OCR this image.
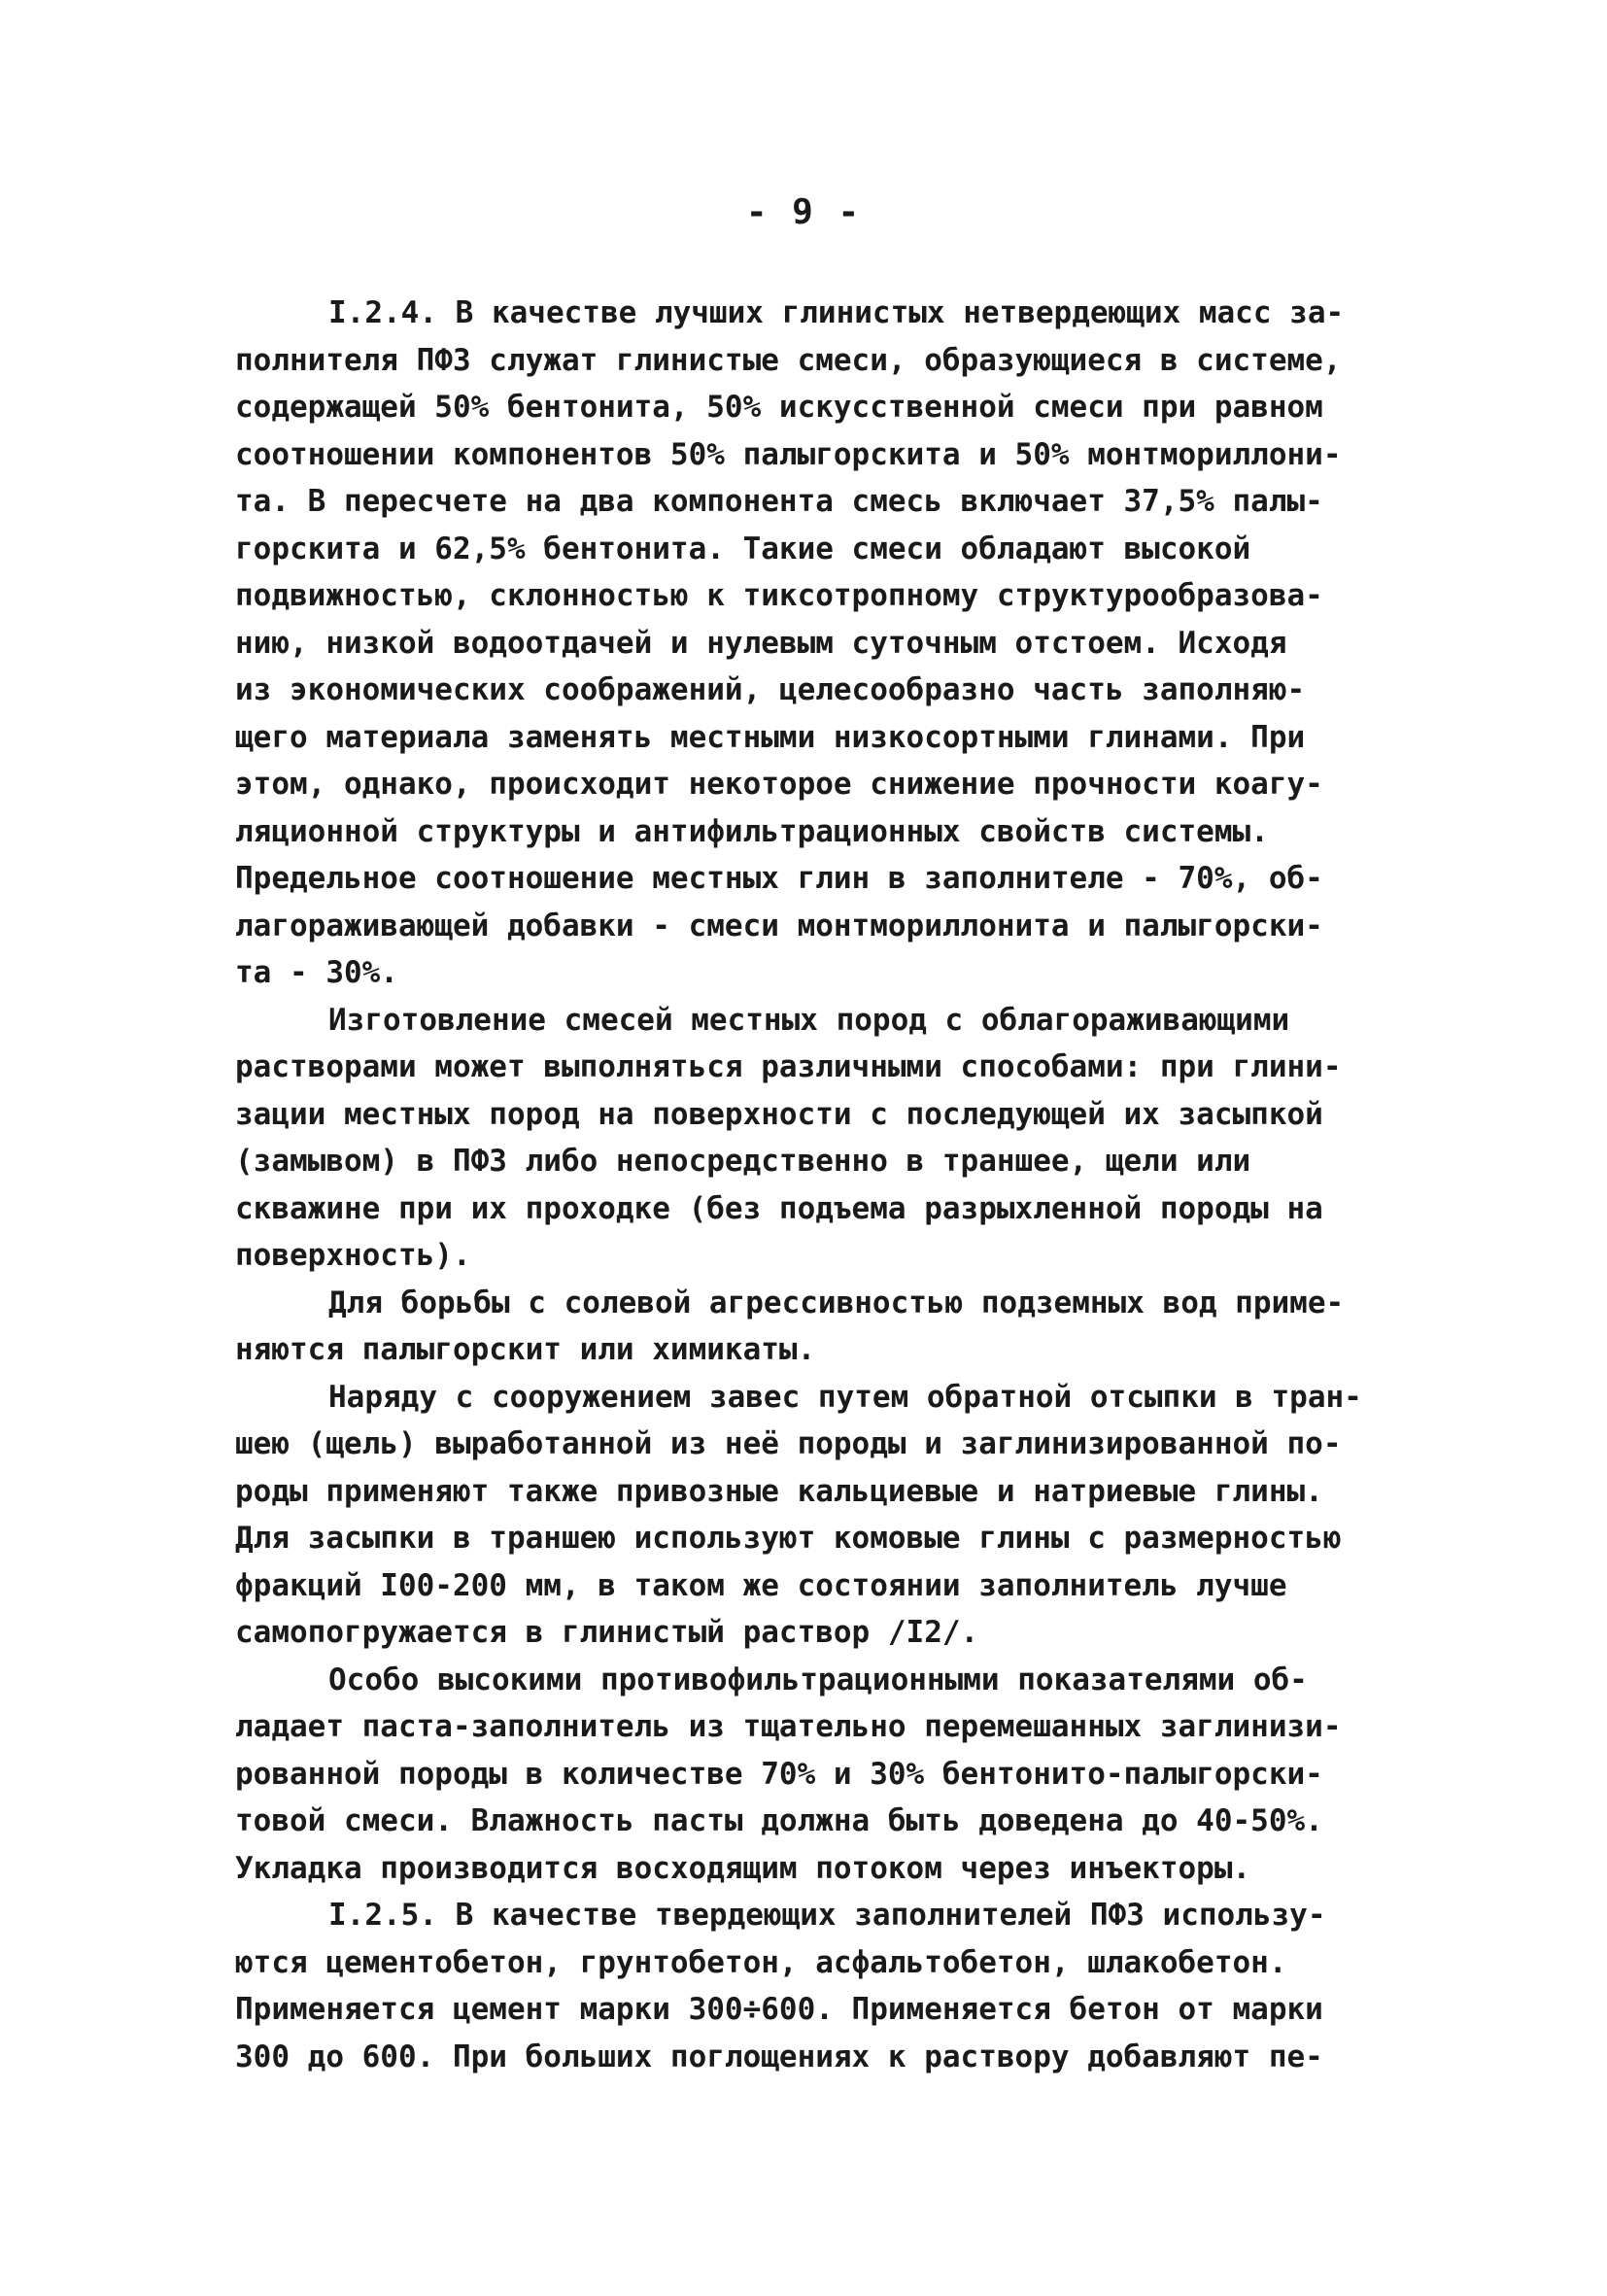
- 9 -
I.2.4. В качестве лучших глинистых нетвердеющих масс за-
полнителя ПФЗ служат глинистые смеси, образующиеся в системе,
содержащей 50% бентонита, 50% искусственной смеси при равном
соотношении компонентов 50% палыгорскита и 50% монтмориллони-
та. В пересчете на два компонента смесь включает 37,5% палы-
горскита и 62,5% бентонита. Такие смеси обладают высокой
подвижностью, склонностью к тиксотропному структурообразова-
нию, низкой водоотдачей и нулевым суточным отстоем. Исходя
из экономических соображений, целесообразно часть заполняю-
щего материала заменять местными низкосортными глинами. При
этом, однако, происходит некоторое снижение прочности коагу-
ляционной структуры и антифильтрационных свойств системы.
Предельное соотношение местных глин в заполнителе - 70%, об-
лагораживающей добавки - смеси монтмориллонита и палыгорски-
та - 30%.
Изготовление смесей местных пород с облагораживающими
растворами может выполняться различными способами: при глини-
зации местных пород на поверхности с последующей их засыпкой
(замывом) в ПФЗ либо непосредственно в траншее, щели или
скважине при их проходке (без подъема разрыхленной породы на
поверхность).
Для борьбы с солевой агрессивностью подземных вод приме-
няются палыгорскит или химикаты.
Наряду с сооружением завес путем обратной отсыпки в тран-
шею (щель) выработанной из неё породы и заглинизированной по-
роды применяют также привозные кальциевые и натриевые глины.
Для засыпки в траншею используют комовые глины с размерностью
фракций I00-200 мм, в таком же состоянии заполнитель лучше
самопогружается в глинистый раствор /I2/.
Особо высокими противофильтрационными показателями об-
ладает паста-заполнитель из тщательно перемешанных заглинизи-
рованной породы в количестве 70% и 30% бентонито-палыгорски-
товой смеси. Влажность пасты должна быть доведена до 40-50%.
Укладка производится восходящим потоком через инъекторы.
I.2.5. В качестве твердеющих заполнителей ПФЗ использу-
ются цементобетон, грунтобетон, асфальтобетон, шлакобетон.
Применяется цемент марки 300÷600. Применяется бетон от марки
300 до 600. При больших поглощениях к раствору добавляют пе-
